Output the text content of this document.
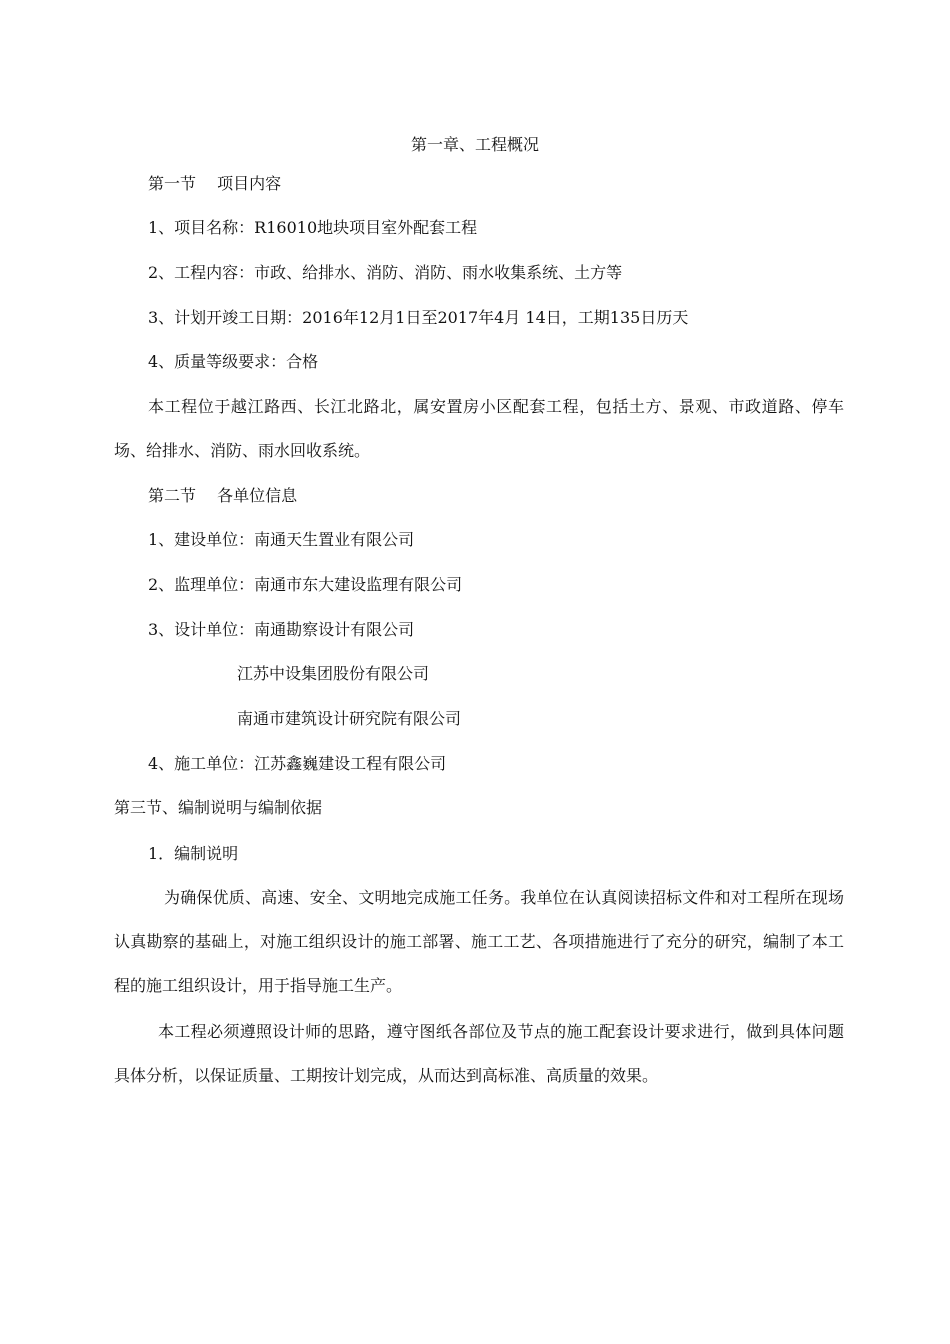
第一章、工程概况
第一节　 项目内容
1、项目名称：R16010地块项目室外配套工程
2、工程内容：市政、给排水、消防、消防、雨水收集系统、土方等
3、计划开竣工日期：2016年12月1日至2017年4月 14日，工期135日历天
4、质量等级要求：合格
本工程位于越江路西、长江北路北，属安置房小区配套工程，包括土方、景观、市政道路、停车场、给排水、消防、雨水回收系统。
第二节　 各单位信息
1、建设单位：南通天生置业有限公司
2、监理单位：南通市东大建设监理有限公司
3、设计单位：南通勘察设计有限公司
江苏中设集团股份有限公司
南通市建筑设计研究院有限公司
4、施工单位：江苏鑫巍建设工程有限公司
第三节、编制说明与编制依据
1．编制说明
为确保优质、高速、安全、文明地完成施工任务。我单位在认真阅读招标文件和对工程所在现场认真勘察的基础上，对施工组织设计的施工部署、施工工艺、各项措施进行了充分的研究，编制了本工程的施工组织设计，用于指导施工生产。
本工程必须遵照设计师的思路，遵守图纸各部位及节点的施工配套设计要求进行，做到具体问题具体分析，以保证质量、工期按计划完成，从而达到高标准、高质量的效果。
